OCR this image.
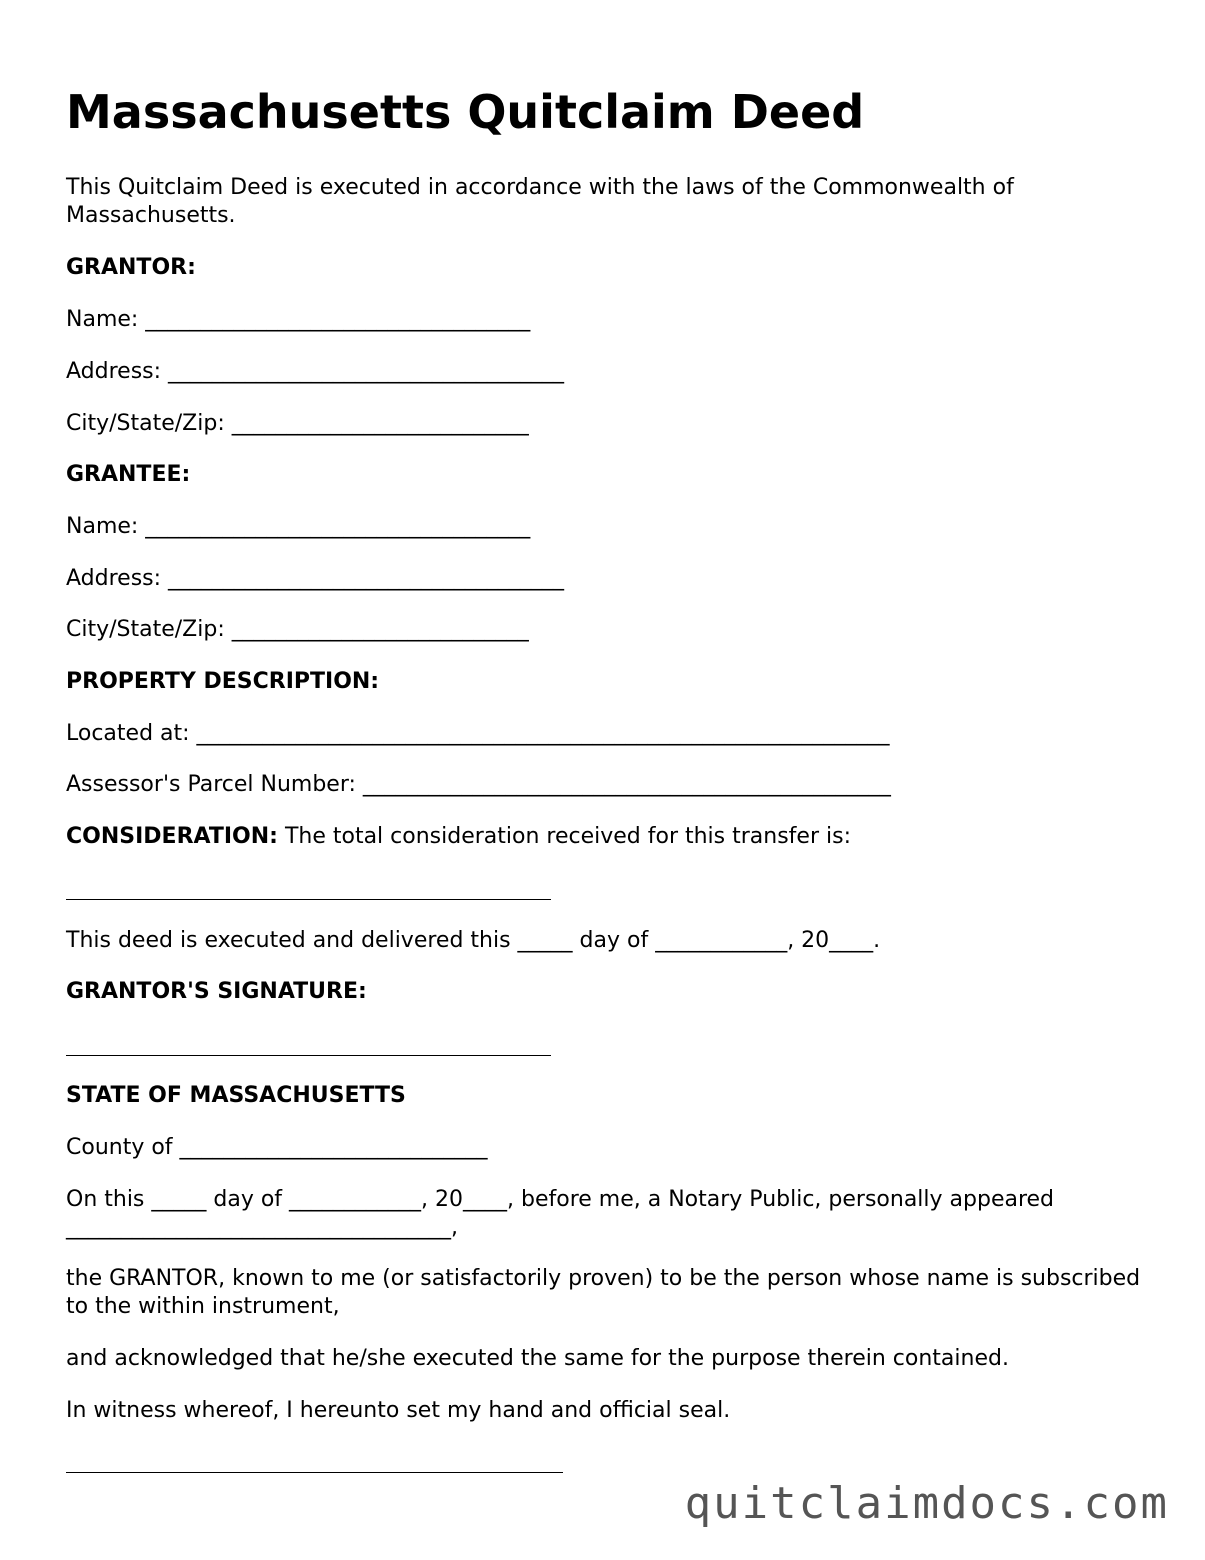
Massachusetts Quitclaim Deed

This Quitclaim Deed is executed in accordance with the laws of the Commonwealth of Massachusetts.

GRANTOR:

Name: ___________________________________

Address: ____________________________________

City/State/Zip: ___________________________

GRANTEE:

Name: ___________________________________

Address: ____________________________________

City/State/Zip: ___________________________

PROPERTY DESCRIPTION:

Located at: _______________________________________________________________

Assessor's Parcel Number: ________________________________________________

CONSIDERATION: The total consideration received for this transfer is:

This deed is executed and delivered this _____ day of ____________, 20____.

GRANTOR'S SIGNATURE:

STATE OF MASSACHUSETTS

County of ____________________________

On this _____ day of ____________, 20____, before me, a Notary Public, personally appeared

___________________________________,

the GRANTOR, known to me (or satisfactorily proven) to be the person whose name is subscribed to the within instrument,

and acknowledged that he/she executed the same for the purpose therein contained.

In witness whereof, I hereunto set my hand and official seal.

quitclaimdocs.com
